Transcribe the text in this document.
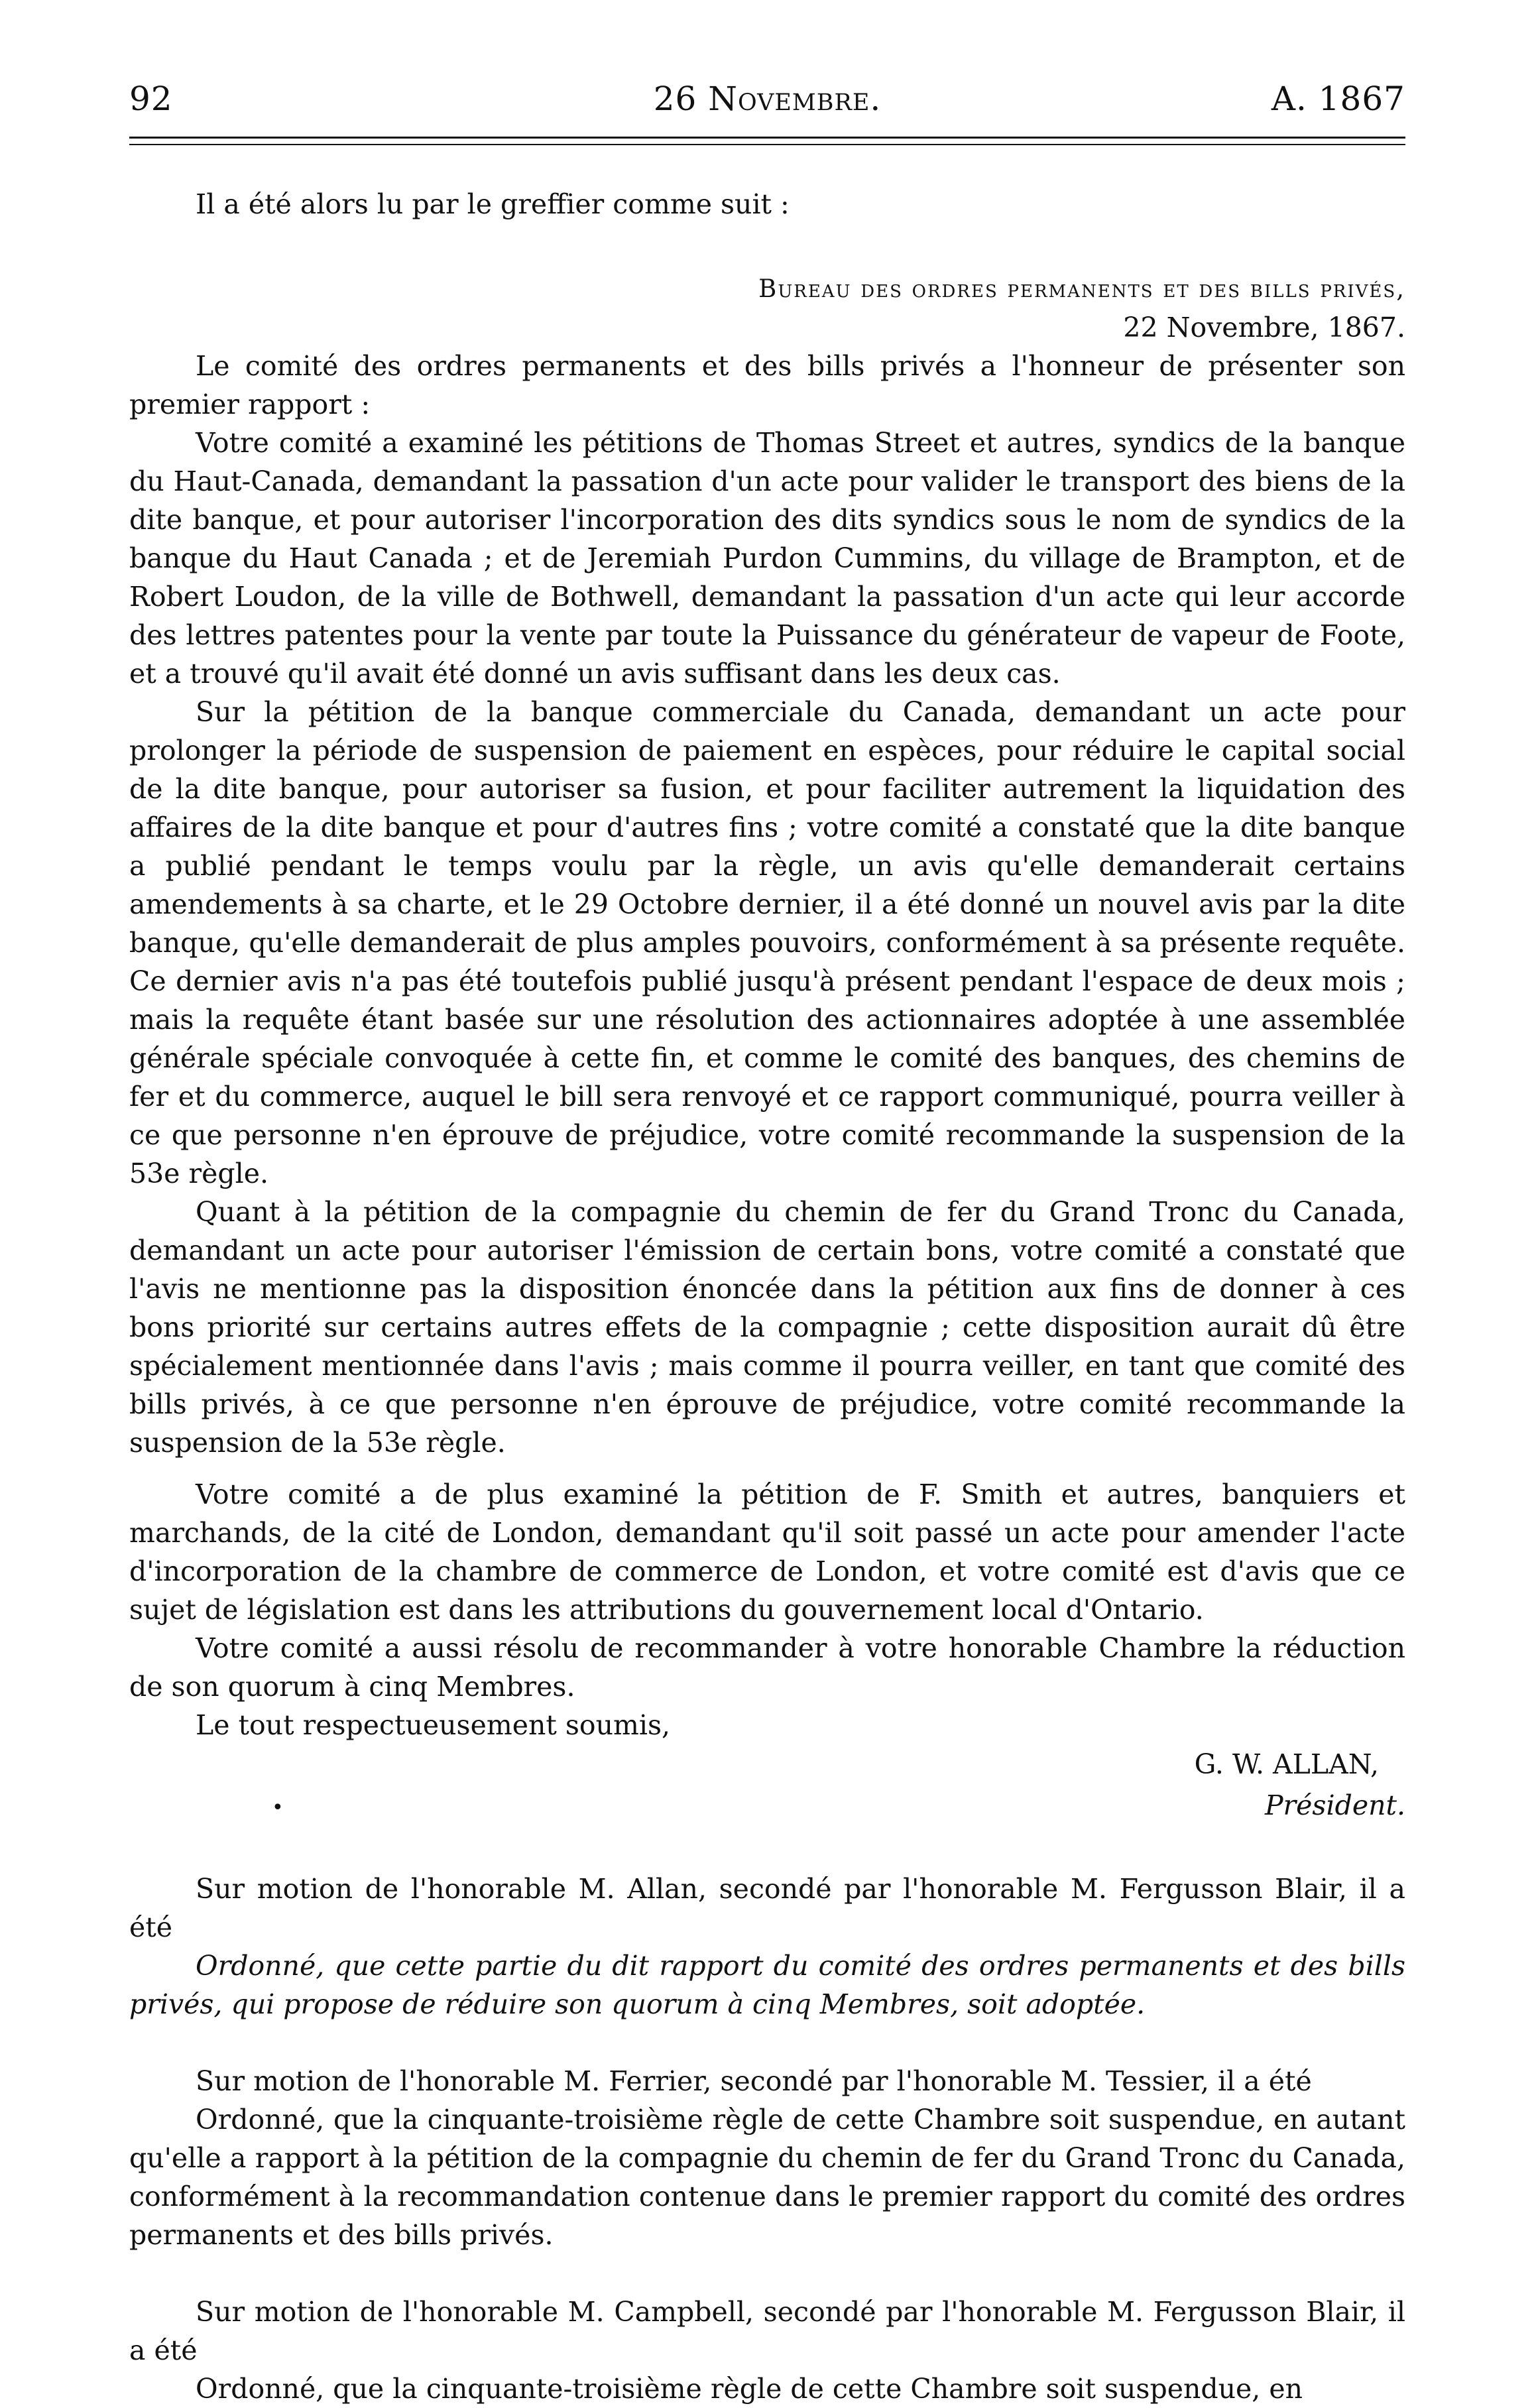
92	26 Novembre.	A. 1867

Il a été alors lu par le greffier comme suit :

Bureau des ordres permanents et des bills privés,

22 Novembre, 1867.

Le comité des ordres permanents et des bills privés a l'honneur de présenter son premier rapport :

Votre comité a examiné les pétitions de Thomas Street et autres, syndics de la banque du Haut-Canada, demandant la passation d'un acte pour valider le transport des biens de la dite banque, et pour autoriser l'incorporation des dits syndics sous le nom de syndics de la banque du Haut Canada ; et de Jeremiah Purdon Cummins, du village de Brampton, et de Robert Loudon, de la ville de Bothwell, demandant la passation d'un acte qui leur accorde des lettres patentes pour la vente par toute la Puissance du générateur de vapeur de Foote, et a trouvé qu'il avait été donné un avis suffisant dans les deux cas.

Sur la pétition de la banque commerciale du Canada, demandant un acte pour prolonger la période de suspension de paiement en espèces, pour réduire le capital social de la dite banque, pour autoriser sa fusion, et pour faciliter autrement la liquidation des affaires de la dite banque et pour d'autres fins ; votre comité a constaté que la dite banque a publié pendant le temps voulu par la règle, un avis qu'elle demanderait certains amendements à sa charte, et le 29 Octobre dernier, il a été donné un nouvel avis par la dite banque, qu'elle demanderait de plus amples pouvoirs, conformément à sa présente requête. Ce dernier avis n'a pas été toutefois publié jusqu'à présent pendant l'espace de deux mois ; mais la requête étant basée sur une résolution des actionnaires adoptée à une assemblée générale spéciale convoquée à cette fin, et comme le comité des banques, des chemins de fer et du commerce, auquel le bill sera renvoyé et ce rapport communiqué, pourra veiller à ce que personne n'en éprouve de préjudice, votre comité recommande la suspension de la 53e règle.

Quant à la pétition de la compagnie du chemin de fer du Grand Tronc du Canada, demandant un acte pour autoriser l'émission de certain bons, votre comité a constaté que l'avis ne mentionne pas la disposition énoncée dans la pétition aux fins de donner à ces bons priorité sur certains autres effets de la compagnie ; cette disposition aurait dû être spécialement mentionnée dans l'avis ; mais comme il pourra veiller, en tant que comité des bills privés, à ce que personne n'en éprouve de préjudice, votre comité recommande la suspension de la 53e règle.

Votre comité a de plus examiné la pétition de F. Smith et autres, banquiers et marchands, de la cité de London, demandant qu'il soit passé un acte pour amender l'acte d'incorporation de la chambre de commerce de London, et votre comité est d'avis que ce sujet de législation est dans les attributions du gouvernement local d'Ontario.

Votre comité a aussi résolu de recommander à votre honorable Chambre la réduction de son quorum à cinq Membres.

Le tout respectueusement soumis,

G. W. ALLAN,
Président.
•

Sur motion de l'honorable M. Allan, secondé par l'honorable M. Fergusson Blair, il a été

Ordonné, que cette partie du dit rapport du comité des ordres permanents et des bills privés, qui propose de réduire son quorum à cinq Membres, soit adoptée.

Sur motion de l'honorable M. Ferrier, secondé par l'honorable M. Tessier, il a été

Ordonné, que la cinquante-troisième règle de cette Chambre soit suspendue, en autant qu'elle a rapport à la pétition de la compagnie du chemin de fer du Grand Tronc du Canada, conformément à la recommandation contenue dans le premier rapport du comité des ordres permanents et des bills privés.

Sur motion de l'honorable M. Campbell, secondé par l'honorable M. Fergusson Blair, il a été

Ordonné, que la cinquante-troisième règle de cette Chambre soit suspendue, en
